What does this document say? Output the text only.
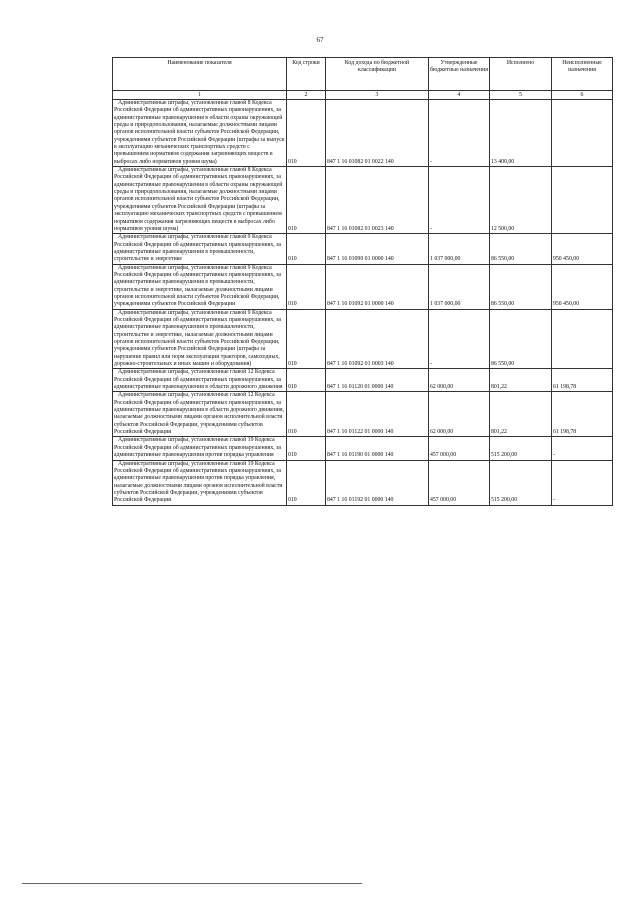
67
Наименование показателя	Код строки	Код дохода по бюджетной классификации	Утвержденные бюджетные назначения	Исполнено	Неисполненные назначения
1	2	3	4	5	6
Административные штрафы, установленные главой 8 Кодекса Российской Федерации об административных правонарушениях, за административные правонарушения в области охраны окружающей среды и природопользования, налагаемые должностными лицами органов исполнительной власти субъектов Российской Федерации, учреждениями субъектов Российской Федерации (штрафы за выпуск в эксплуатацию механических транспортных средств с превышением нормативов содержания загрязняющих веществ в выбросах либо нормативов уровня шума)	010	847 1 16 01082 01 0022 140	-	13 400,00	
Административные штрафы, установленные главой 8 Кодекса Российской Федерации об административных правонарушениях, за административные правонарушения в области охраны окружающей среды и природопользования, налагаемые должностными лицами органов исполнительной власти субъектов Российской Федерации, учреждениями субъектов Российской Федерации (штрафы за эксплуатацию механических транспортных средств с превышением нормативов содержания загрязняющих веществ в выбросах либо нормативов уровня шума)	010	847 1 16 01082 01 0023 140	-	12 500,00	
Административные штрафы, установленные главой 9 Кодекса Российской Федерации об административных правонарушениях, за административные правонарушения в промышленности, строительстве и энергетике	010	847 1 16 01090 01 0000 140	1 037 000,00	86 550,00	950 450,00
Административные штрафы, установленные главой 9 Кодекса Российской Федерации об административных правонарушениях, за административные правонарушения в промышленности, строительстве и энергетике, налагаемые должностными лицами органов исполнительной власти субъектов Российской Федерации, учреждениями субъектов Российской Федерации	010	847 1 16 01092 01 0000 140	1 037 000,00	86 550,00	950 450,00
Административные штрафы, установленные главой 9 Кодекса Российской Федерации об административных правонарушениях, за административные правонарушения в промышленности, строительстве и энергетике, налагаемые должностными лицами органов исполнительной власти субъектов Российской Федерации, учреждениями субъектов Российской Федерации (штрафы за нарушение правил или норм эксплуатации тракторов, самоходных, дорожно-строительных и иных машин и оборудования)	010	847 1 16 01092 01 0003 140	-	86 550,00	
Административные штрафы, установленные главой 12 Кодекса Российской Федерации об административных правонарушениях, за административные правонарушения в области дорожного движения	010	847 1 16 01120 01 0000 140	62 000,00	801,22	61 198,78
Административные штрафы, установленные главой 12 Кодекса Российской Федерации об административных правонарушениях, за административные правонарушения в области дорожного движения, налагаемые должностными лицами органов исполнительной власти субъектов Российской Федерации, учреждениями субъектов Российской Федерации	010	847 1 16 01122 01 0000 140	62 000,00	801,22	61 198,78
Административные штрафы, установленные главой 19 Кодекса Российской Федерации об административных правонарушениях, за административные правонарушения против порядка управления	010	847 1 16 01190 01 0000 140	457 000,00	515 200,00	-
Административные штрафы, установленные главой 19 Кодекса Российской Федерации об административных правонарушениях, за административные правонарушения против порядка управления, налагаемые должностными лицами органов исполнительной власти субъектов Российской Федерации, учреждениями субъектов Российской Федерации	010	847 1 16 01192 01 0000 140	457 000,00	515 200,00	-
